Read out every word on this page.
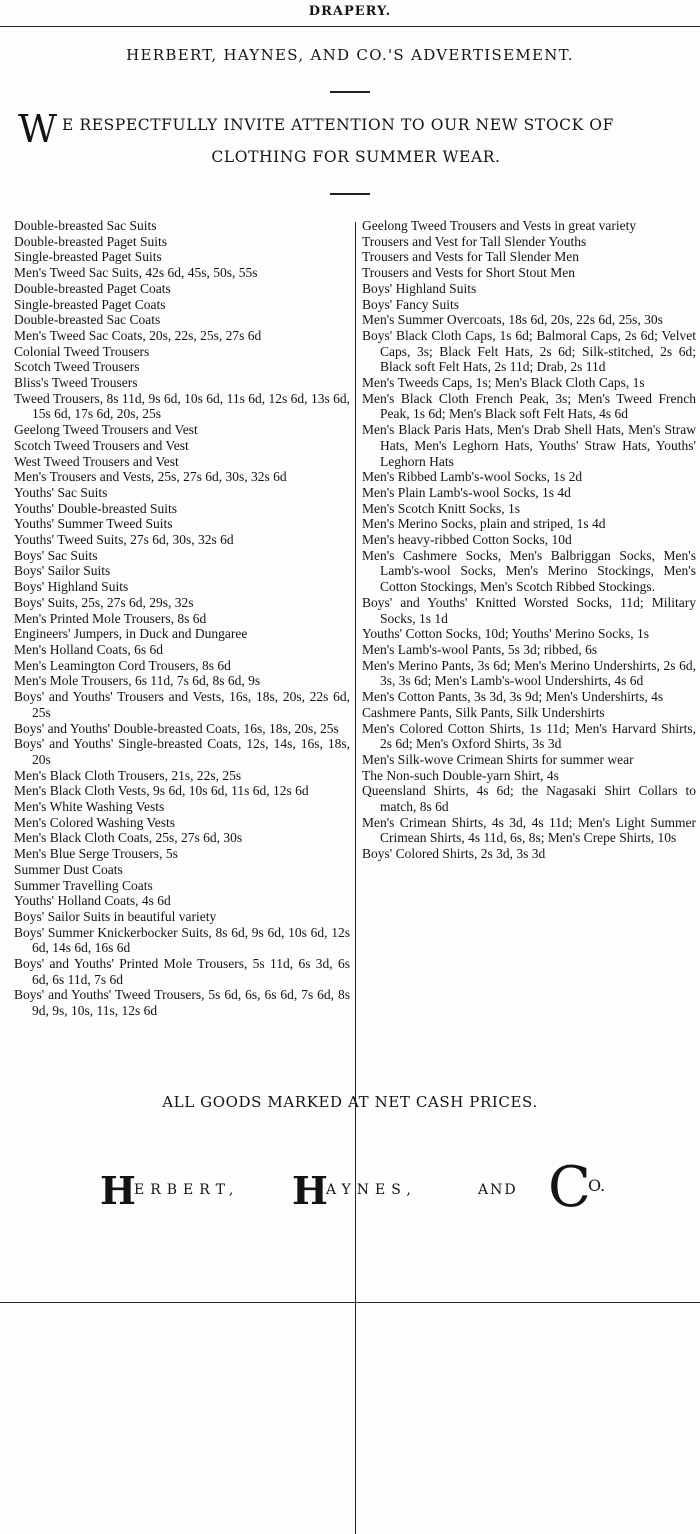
DRAPERY.
HERBERT, HAYNES, AND CO.'S ADVERTISEMENT.
W E RESPECTFULLY INVITE ATTENTION TO OUR NEW STOCK OF
CLOTHING FOR SUMMER WEAR.
Double-breasted Sac Suits
Double-breasted Paget Suits
Single-breasted Paget Suits
Men's Tweed Sac Suits, 42s 6d, 45s, 50s, 55s
Double-breasted Paget Coats
Single-breasted Paget Coats
Double-breasted Sac Coats
Men's Tweed Sac Coats, 20s, 22s, 25s, 27s 6d
Colonial Tweed Trousers
Scotch Tweed Trousers
Bliss's Tweed Trousers
Tweed Trousers, 8s 11d, 9s 6d, 10s 6d, 11s 6d, 12s 6d, 13s 6d, 15s 6d, 17s 6d, 20s, 25s
Geelong Tweed Trousers and Vest
Scotch Tweed Trousers and Vest
West Tweed Trousers and Vest
Men's Trousers and Vests, 25s, 27s 6d, 30s, 32s 6d
Youths' Sac Suits
Youths' Double-breasted Suits
Youths' Summer Tweed Suits
Youths' Tweed Suits, 27s 6d, 30s, 32s 6d
Boys' Sac Suits
Boys' Sailor Suits
Boys' Highland Suits
Boys' Suits, 25s, 27s 6d, 29s, 32s
Men's Printed Mole Trousers, 8s 6d
Engineers' Jumpers, in Duck and Dungaree
Men's Holland Coats, 6s 6d
Men's Leamington Cord Trousers, 8s 6d
Men's Mole Trousers, 6s 11d, 7s 6d, 8s 6d, 9s
Boys' and Youths' Trousers and Vests, 16s, 18s, 20s, 22s 6d, 25s
Boys' and Youths' Double-breasted Coats, 16s, 18s, 20s, 25s
Boys' and Youths' Single-breasted Coats, 12s, 14s, 16s, 18s, 20s
Men's Black Cloth Trousers, 21s, 22s, 25s
Men's Black Cloth Vests, 9s 6d, 10s 6d, 11s 6d, 12s 6d
Men's White Washing Vests
Men's Colored Washing Vests
Men's Black Cloth Coats, 25s, 27s 6d, 30s
Men's Blue Serge Trousers, 5s
Summer Dust Coats
Summer Travelling Coats
Youths' Holland Coats, 4s 6d
Boys' Sailor Suits in beautiful variety
Boys' Summer Knickerbocker Suits, 8s 6d, 9s 6d, 10s 6d, 12s 6d, 14s 6d, 16s 6d
Boys' and Youths' Printed Mole Trousers, 5s 11d, 6s 3d, 6s 6d, 6s 11d, 7s 6d
Boys' and Youths' Tweed Trousers, 5s 6d, 6s, 6s 6d, 7s 6d, 8s 9d, 9s, 10s, 11s, 12s 6d
Geelong Tweed Trousers and Vests in great variety
Trousers and Vest for Tall Slender Youths
Trousers and Vests for Tall Slender Men
Trousers and Vests for Short Stout Men
Boys' Highland Suits
Boys' Fancy Suits
Men's Summer Overcoats, 18s 6d, 20s, 22s 6d, 25s, 30s
Boys' Black Cloth Caps, 1s 6d; Balmoral Caps, 2s 6d; Velvet Caps, 3s; Black Felt Hats, 2s 6d; Silk-stitched, 2s 6d; Black soft Felt Hats, 2s 11d; Drab, 2s 11d
Men's Tweeds Caps, 1s; Men's Black Cloth Caps, 1s
Men's Black Cloth French Peak, 3s; Men's Tweed French Peak, 1s 6d; Men's Black soft Felt Hats, 4s 6d
Men's Black Paris Hats, Men's Drab Shell Hats, Men's Straw Hats, Men's Leghorn Hats, Youths' Straw Hats, Youths' Leghorn Hats
Men's Ribbed Lamb's-wool Socks, 1s 2d
Men's Plain Lamb's-wool Socks, 1s 4d
Men's Scotch Knitt Socks, 1s
Men's Merino Socks, plain and striped, 1s 4d
Men's heavy-ribbed Cotton Socks, 10d
Men's Cashmere Socks, Men's Balbriggan Socks, Men's Lamb's-wool Socks, Men's Merino Stockings, Men's Cotton Stockings, Men's Scotch Ribbed Stockings.
Boys' and Youths' Knitted Worsted Socks, 11d; Military Socks, 1s 1d
Youths' Cotton Socks, 10d; Youths' Merino Socks, 1s
Men's Lamb's-wool Pants, 5s 3d; ribbed, 6s
Men's Merino Pants, 3s 6d; Men's Merino Undershirts, 2s 6d, 3s, 3s 6d; Men's Lamb's-wool Undershirts, 4s 6d
Men's Cotton Pants, 3s 3d, 3s 9d; Men's Undershirts, 4s
Cashmere Pants, Silk Pants, Silk Undershirts
Men's Colored Cotton Shirts, 1s 11d; Men's Harvard Shirts, 2s 6d; Men's Oxford Shirts, 3s 3d
Men's Silk-wove Crimean Shirts for summer wear
The Non-such Double-yarn Shirt, 4s
Queensland Shirts, 4s 6d; the Nagasaki Shirt Collars to match, 8s 6d
Men's Crimean Shirts, 4s 3d, 4s 11d; Men's Light Summer Crimean Shirts, 4s 11d, 6s, 8s; Men's Crepe Shirts, 10s
Boys' Colored Shirts, 2s 3d, 3s 3d
ALL GOODS MARKED AT NET CASH PRICES.
H
ERBERT, H
AYNES,	AND C
O.
